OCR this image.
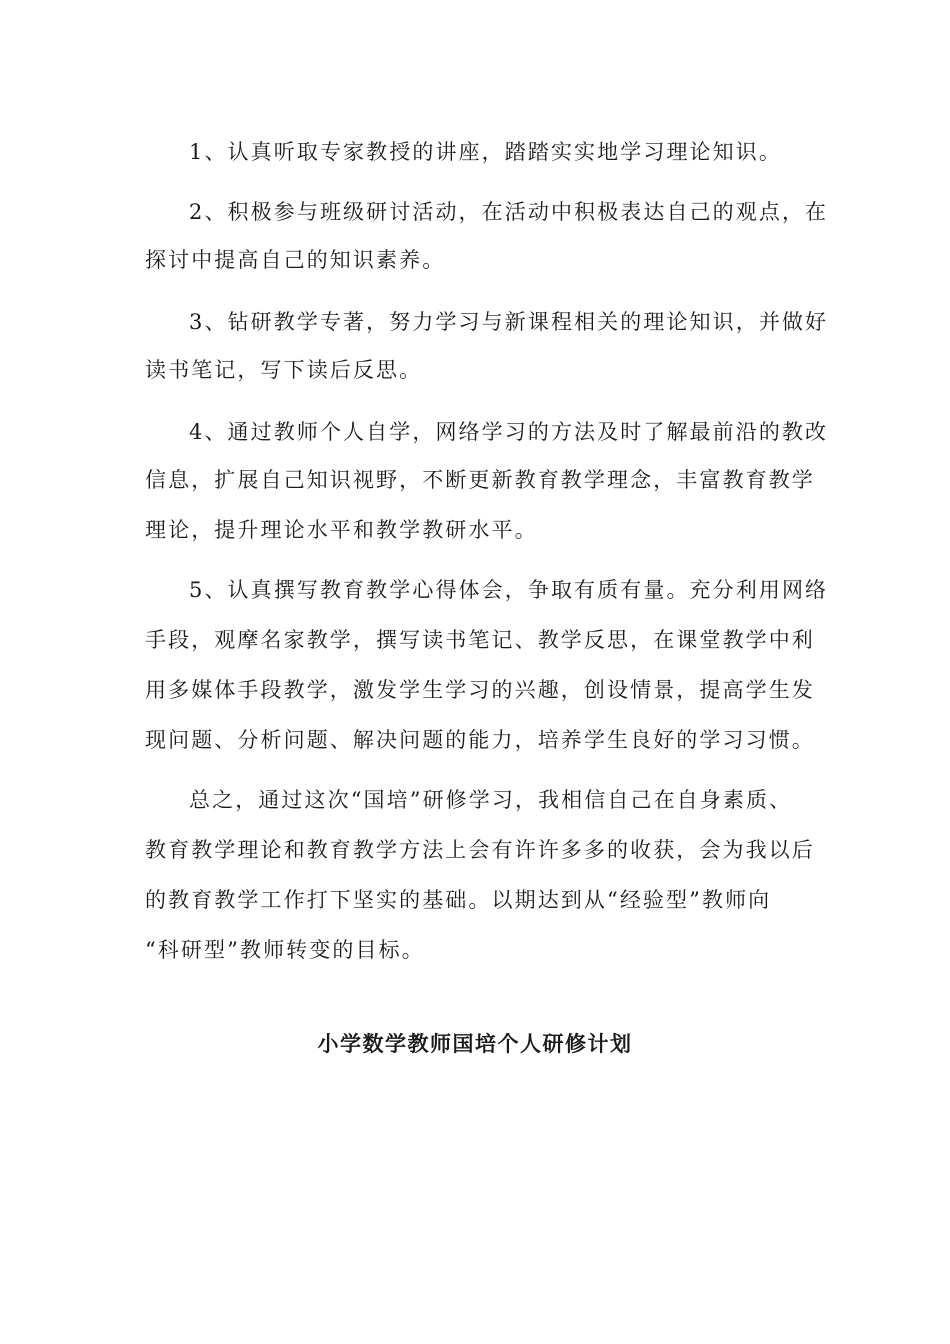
1、认真听取专家教授的讲座，踏踏实实地学习理论知识。
2、积极参与班级研讨活动，在活动中积极表达自己的观点，在
探讨中提高自己的知识素养。
3、钻研教学专著，努力学习与新课程相关的理论知识，并做好
读书笔记，写下读后反思。
4、通过教师个人自学，网络学习的方法及时了解最前沿的教改
信息，扩展自己知识视野，不断更新教育教学理念，丰富教育教学
理论，提升理论水平和教学教研水平。
5、认真撰写教育教学心得体会，争取有质有量。充分利用网络
手段，观摩名家教学，撰写读书笔记、教学反思，在课堂教学中利
用多媒体手段教学，激发学生学习的兴趣，创设情景，提高学生发
现问题、分析问题、解决问题的能力，培养学生良好的学习习惯。
总之，通过这次“国培”研修学习，我相信自己在自身素质、
教育教学理论和教育教学方法上会有许许多多的收获，会为我以后
的教育教学工作打下坚实的基础。以期达到从“经验型”教师向
“科研型”教师转变的目标。
小学数学教师国培个人研修计划
